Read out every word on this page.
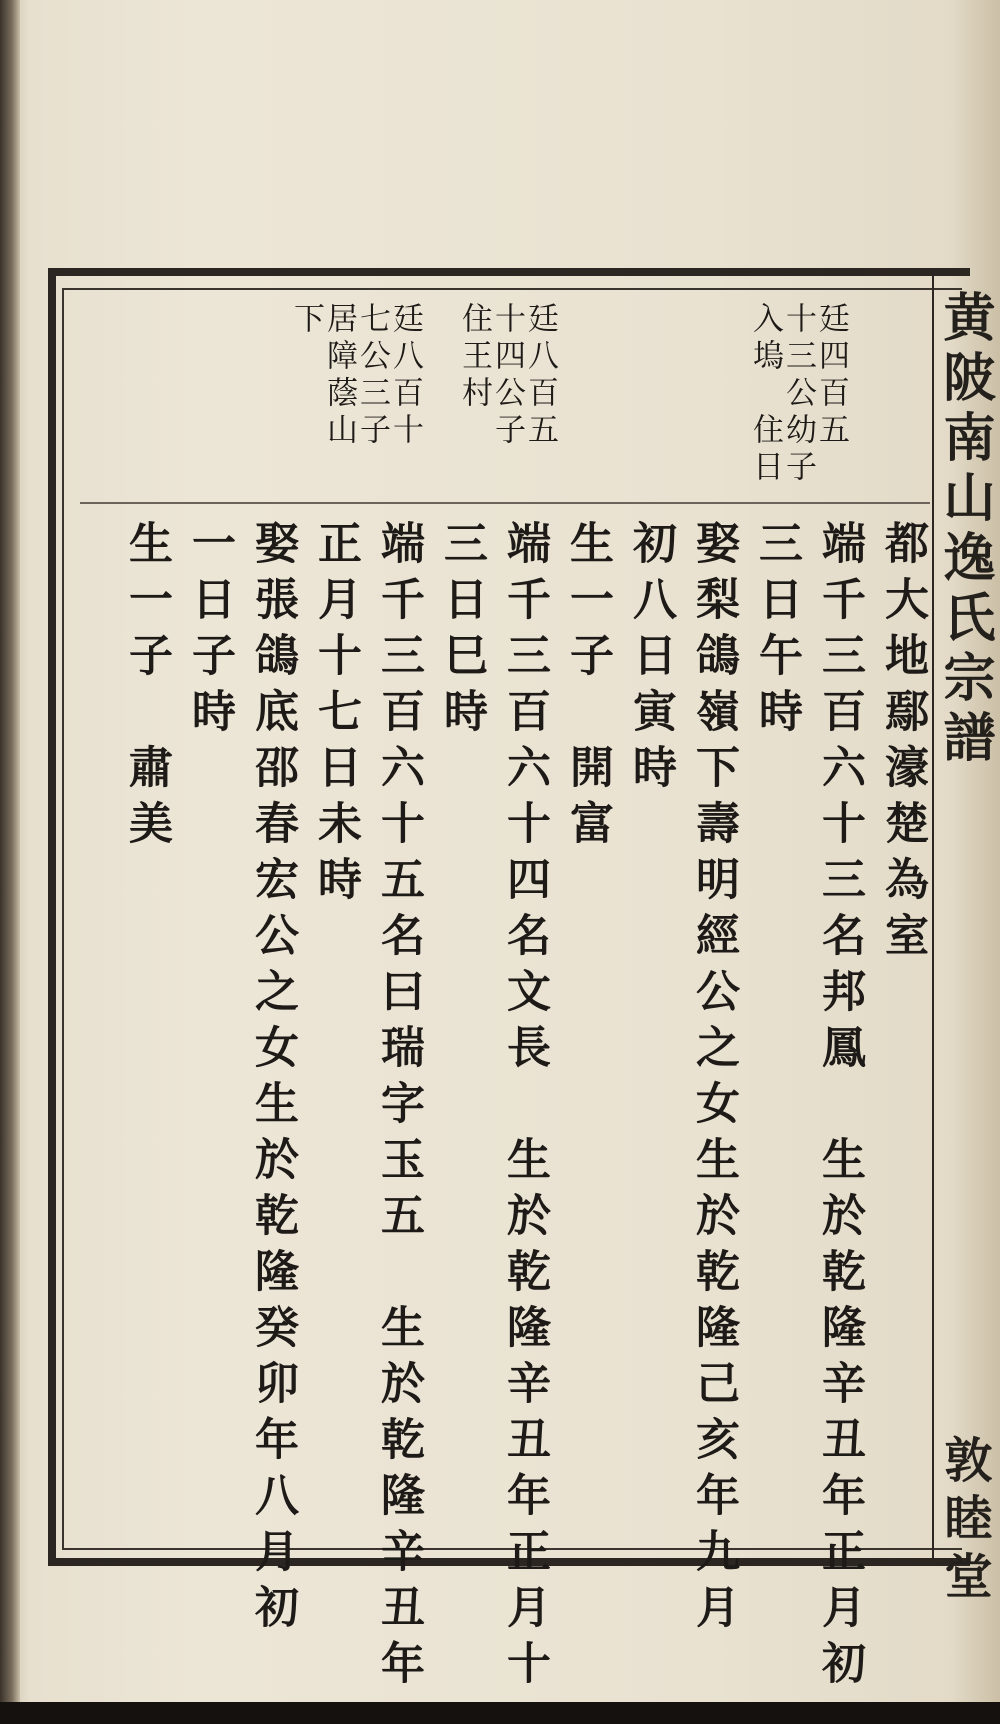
黄陂南山逸氏宗譜
敦睦堂
廷四百五
十三公幼子
入塢　住日
廷八百五
十四公子
住王村
廷八百十
七公三子
居障蔭山
下
都大地鄢濠楚為室
端千三百六十三名邦鳳　生於乾隆辛丑年正月初
三日午時
娶梨鴿嶺下壽明經公之女生於乾隆己亥年九月
初八日寅時
生一子　開富
端千三百六十四名文長　生於乾隆辛丑年正月十
三日巳時
端千三百六十五名曰瑞字玉五　生於乾隆辛丑年
正月十七日未時
娶張鴿底邵春宏公之女生於乾隆癸卯年八月初
一日子時
生一子　肅美
